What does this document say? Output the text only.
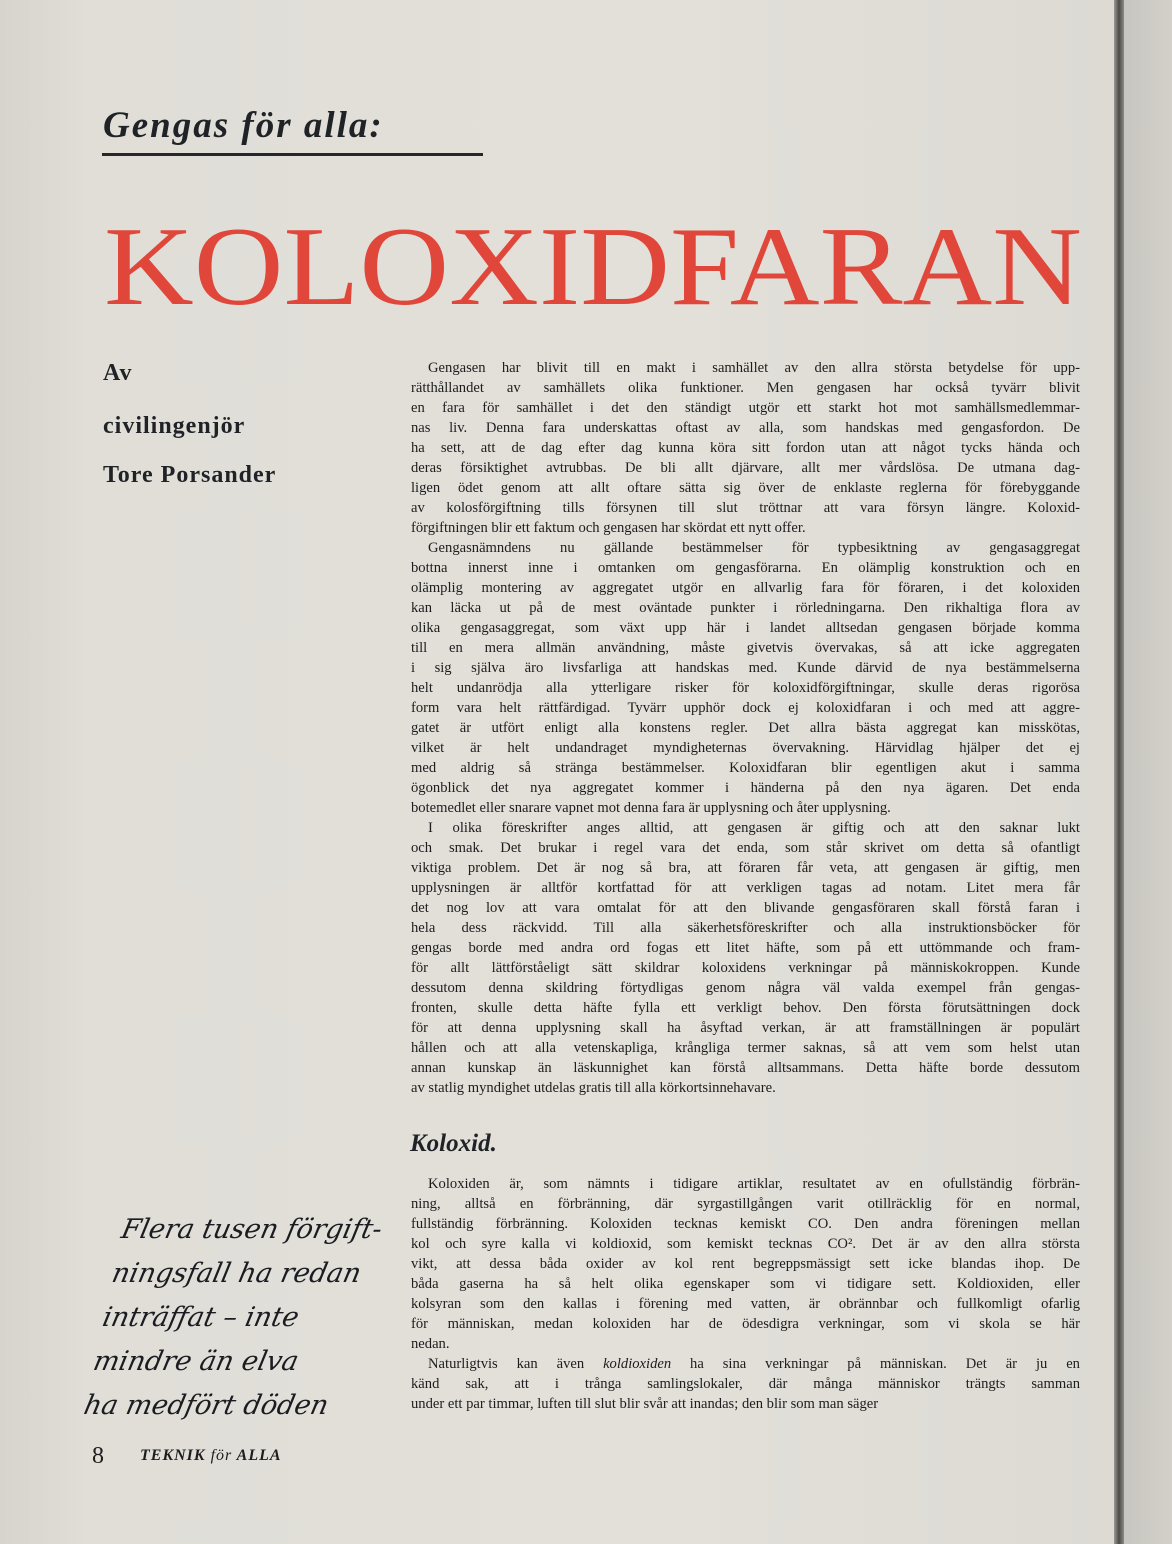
Gengas för alla:
KOLOXIDFARAN
Av
civilingenjör
Tore Porsander
Gengasen har blivit till en makt i samhället av den allra största betydelse för upp-
rätthållandet av samhällets olika funktioner. Men gengasen har också tyvärr blivit
en fara för samhället i det den ständigt utgör ett starkt hot mot samhällsmedlemmar-
nas liv. Denna fara underskattas oftast av alla, som handskas med gengasfordon. De
ha sett, att de dag efter dag kunna köra sitt fordon utan att något tycks hända och
deras försiktighet avtrubbas. De bli allt djärvare, allt mer vårdslösa. De utmana dag-
ligen ödet genom att allt oftare sätta sig över de enklaste reglerna för förebyggande
av kolosförgiftning tills försynen till slut tröttnar att vara försyn längre. Koloxid-
förgiftningen blir ett faktum och gengasen har skördat ett nytt offer.
Gengasnämndens nu gällande bestämmelser för typbesiktning av gengasaggregat
bottna innerst inne i omtanken om gengasförarna. En olämplig konstruktion och en
olämplig montering av aggregatet utgör en allvarlig fara för föraren, i det koloxiden
kan läcka ut på de mest oväntade punkter i rörledningarna. Den rikhaltiga flora av
olika gengasaggregat, som växt upp här i landet alltsedan gengasen började komma
till en mera allmän användning, måste givetvis övervakas, så att icke aggregaten
i sig själva äro livsfarliga att handskas med. Kunde därvid de nya bestämmelserna
helt undanrödja alla ytterligare risker för koloxidförgiftningar, skulle deras rigorösa
form vara helt rättfärdigad. Tyvärr upphör dock ej koloxidfaran i och med att aggre-
gatet är utfört enligt alla konstens regler. Det allra bästa aggregat kan misskötas,
vilket är helt undandraget myndigheternas övervakning. Härvidlag hjälper det ej
med aldrig så stränga bestämmelser. Koloxidfaran blir egentligen akut i samma
ögonblick det nya aggregatet kommer i händerna på den nya ägaren. Det enda
botemedlet eller snarare vapnet mot denna fara är upplysning och åter upplysning.
I olika föreskrifter anges alltid, att gengasen är giftig och att den saknar lukt
och smak. Det brukar i regel vara det enda, som står skrivet om detta så ofantligt
viktiga problem. Det är nog så bra, att föraren får veta, att gengasen är giftig, men
upplysningen är alltför kortfattad för att verkligen tagas ad notam. Litet mera får
det nog lov att vara omtalat för att den blivande gengasföraren skall förstå faran i
hela dess räckvidd. Till alla säkerhetsföreskrifter och alla instruktionsböcker för
gengas borde med andra ord fogas ett litet häfte, som på ett uttömmande och fram-
för allt lättförståeligt sätt skildrar koloxidens verkningar på människokroppen. Kunde
dessutom denna skildring förtydligas genom några väl valda exempel från gengas-
fronten, skulle detta häfte fylla ett verkligt behov. Den första förutsättningen dock
för att denna upplysning skall ha åsyftad verkan, är att framställningen är populärt
hållen och att alla vetenskapliga, krångliga termer saknas, så att vem som helst utan
annan kunskap än läskunnighet kan förstå alltsammans. Detta häfte borde dessutom
av statlig myndighet utdelas gratis till alla körkortsinnehavare.
Koloxid.
Koloxiden är, som nämnts i tidigare artiklar, resultatet av en ofullständig förbrän-
ning, alltså en förbränning, där syrgastillgången varit otillräcklig för en normal,
fullständig förbränning. Koloxiden tecknas kemiskt CO. Den andra föreningen mellan
kol och syre kalla vi koldioxid, som kemiskt tecknas CO². Det är av den allra största
vikt, att dessa båda oxider av kol rent begreppsmässigt sett icke blandas ihop. De
båda gaserna ha så helt olika egenskaper som vi tidigare sett. Koldioxiden, eller
kolsyran som den kallas i förening med vatten, är obrännbar och fullkomligt ofarlig
för människan, medan koloxiden har de ödesdigra verkningar, som vi skola se här
nedan.
Naturligtvis kan även koldioxiden ha sina verkningar på människan. Det är ju en
känd sak, att i trånga samlingslokaler, där många människor trängts samman
under ett par timmar, luften till slut blir svår att inandas; den blir som man säger
Flera tusen förgift-
ningsfall ha redan
inträffat – inte
mindre än elva
ha medfört döden
8 TEKNIK för ALLA
